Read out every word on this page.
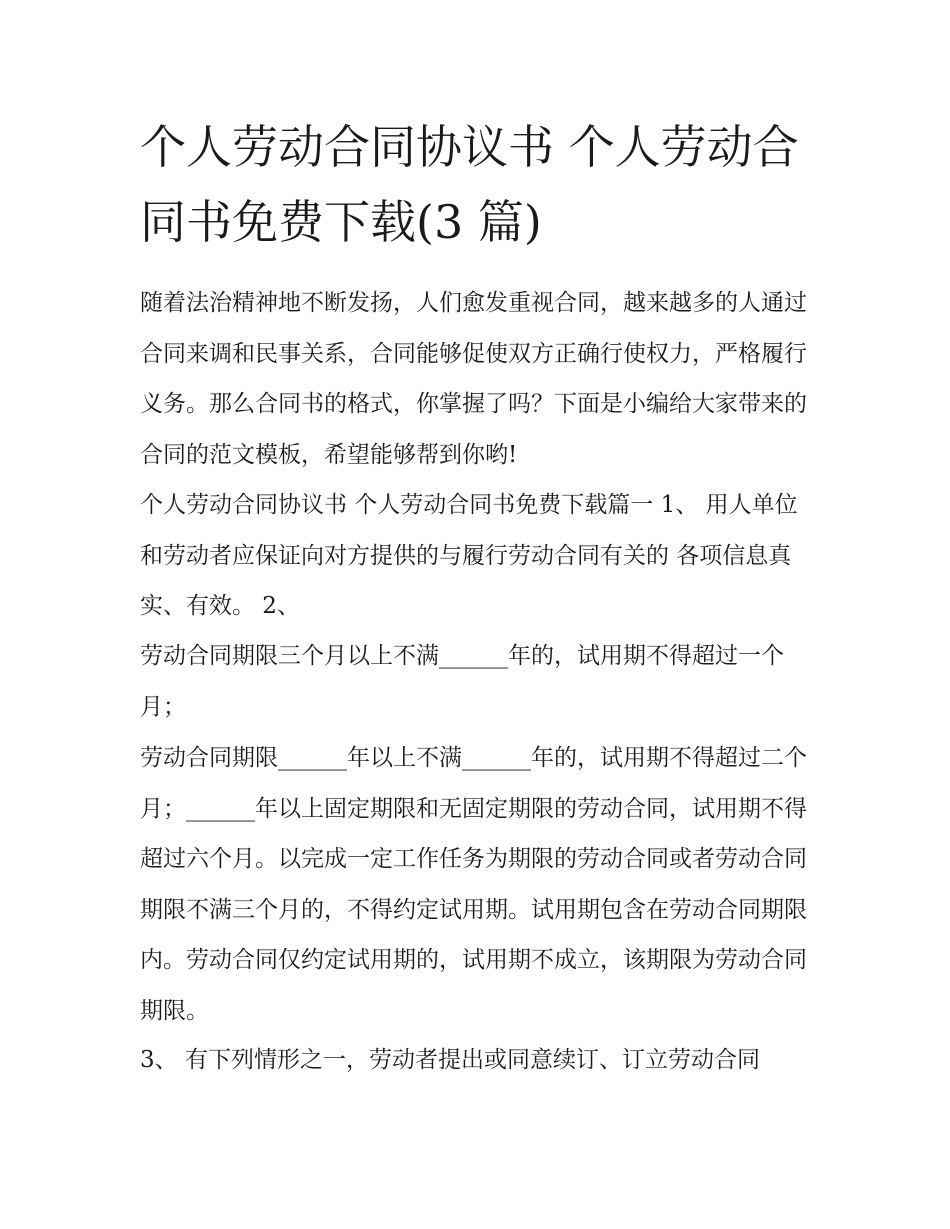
个人劳动合同协议书 个人劳动合同书免费下载(3 篇)

随着法治精神地不断发扬，人们愈发重视合同，越来越多的人通过合同来调和民事关系，合同能够促使双方正确行使权力，严格履行义务。那么合同书的格式，你掌握了吗？下面是小编给大家带来的合同的范文模板，希望能够帮到你哟!

个人劳动合同协议书 个人劳动合同书免费下载篇一 1、 用人单位和劳动者应保证向对方提供的与履行劳动合同有关的 各项信息真实、有效。 2、

劳动合同期限三个月以上不满______年的，试用期不得超过一个月；

劳动合同期限______年以上不满______年的，试用期不得超过二个月；______年以上固定期限和无固定期限的劳动合同，试用期不得超过六个月。以完成一定工作任务为期限的劳动合同或者劳动合同期限不满三个月的，不得约定试用期。试用期包含在劳动合同期限内。劳动合同仅约定试用期的，试用期不成立，该期限为劳动合同期限。

3、 有下列情形之一，劳动者提出或同意续订、订立劳动合同
